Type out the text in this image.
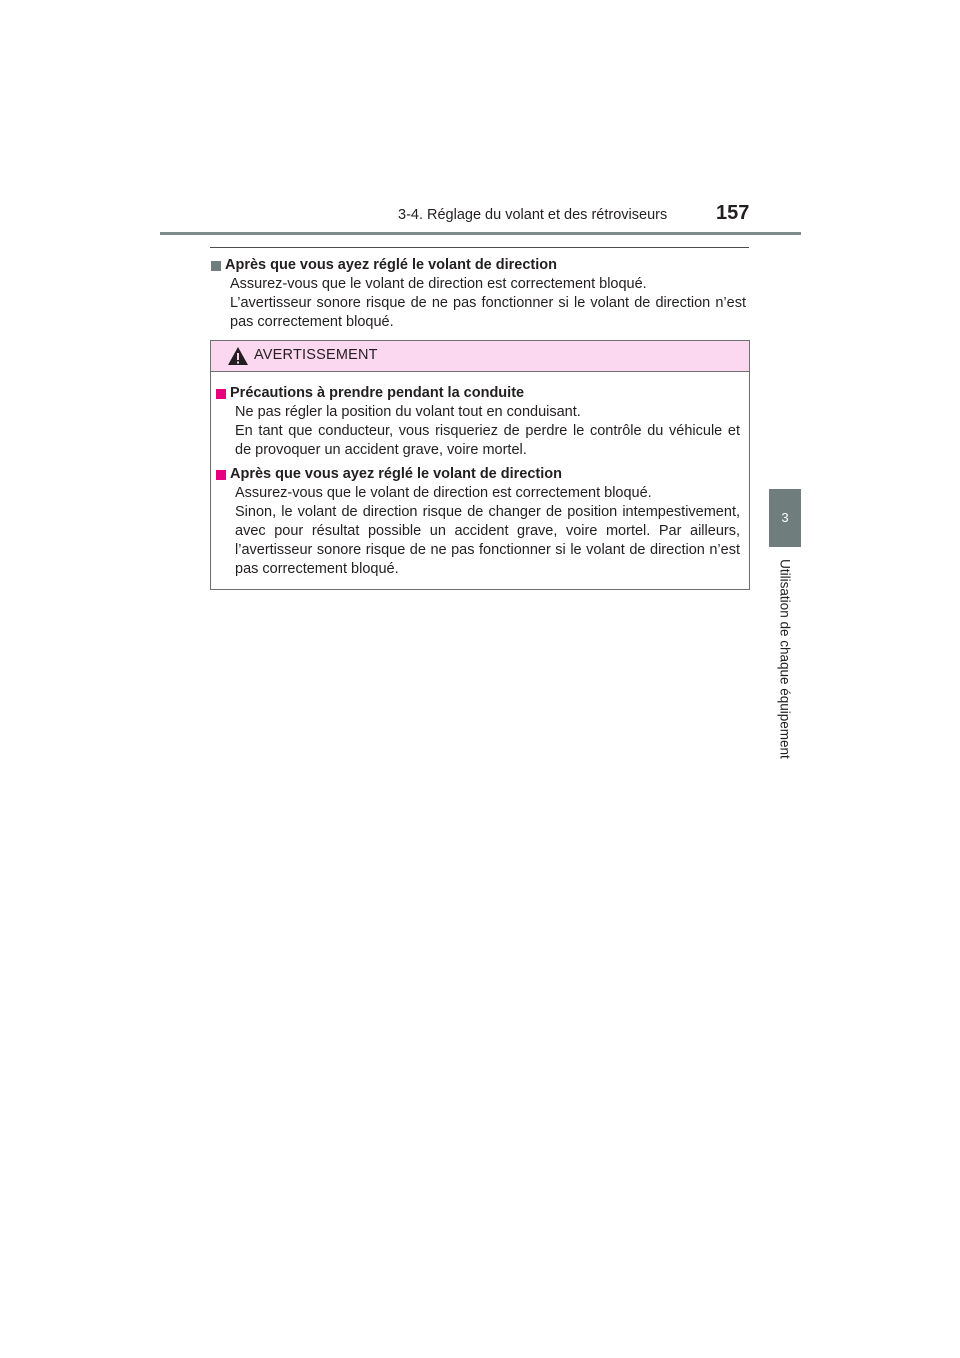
3-4. Réglage du volant et des rétroviseurs 157
3
Utilisation de chaque équipement
Après que vous ayez réglé le volant de direction

Assurez-vous que le volant de direction est correctement bloqué.

L’avertisseur sonore risque de ne pas fonctionner si le volant de direction n’est pas correctement bloqué.

AVERTISSEMENT
Précautions à prendre pendant la conduite

Ne pas régler la position du volant tout en conduisant.

En tant que conducteur, vous risqueriez de perdre le contrôle du véhicule et de provoquer un accident grave, voire mortel.

Après que vous ayez réglé le volant de direction

Assurez-vous que le volant de direction est correctement bloqué.

Sinon, le volant de direction risque de changer de position intempestivement, avec pour résultat possible un accident grave, voire mortel. Par ailleurs, l’avertisseur sonore risque de ne pas fonctionner si le volant de direction n’est pas correctement bloqué.
